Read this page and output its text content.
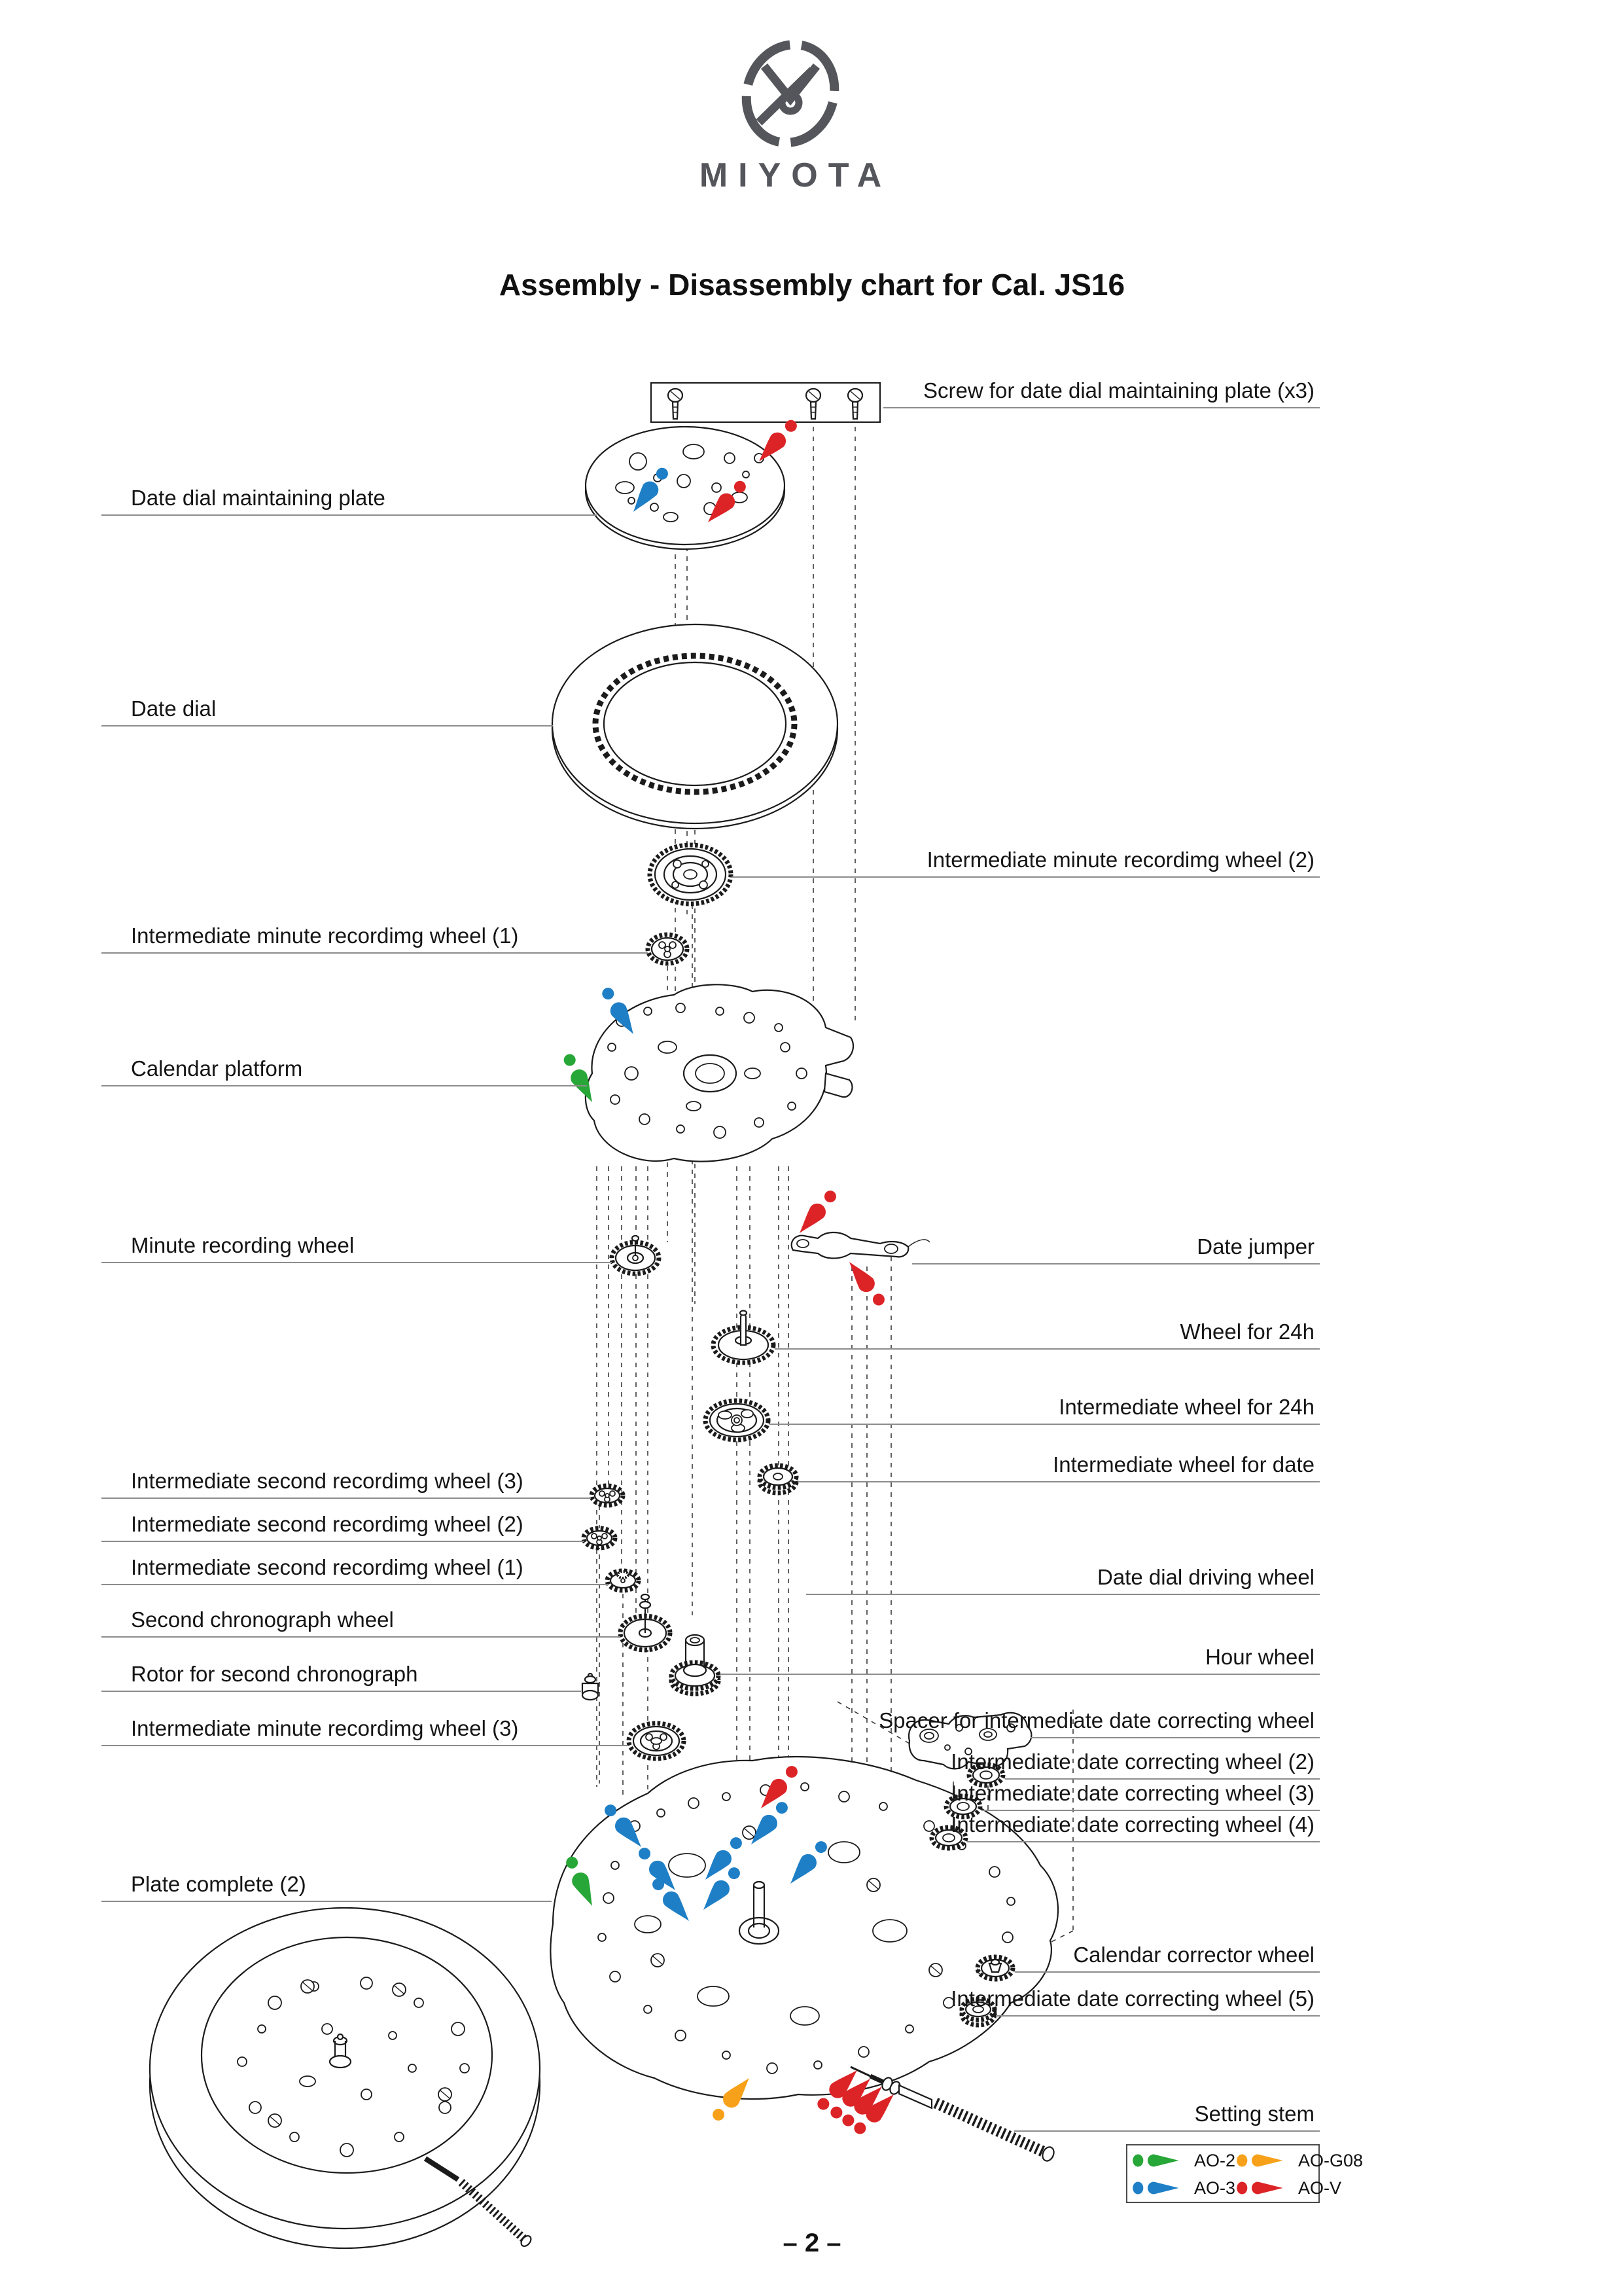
MIYOTA
Assembly - Disassembly chart for Cal. JS16
Date dial maintaining plate
Date dial
Intermediate minute recordimg wheel (1)
Calendar platform
Minute recording wheel
Intermediate second recordimg wheel (3)
Intermediate second recordimg wheel (2)
Intermediate second recordimg wheel (1)
Second chronograph wheel
Rotor for second chronograph
Intermediate minute recordimg wheel (3)
Plate complete (2)
Screw for date dial maintaining plate (x3)
Intermediate minute recordimg wheel (2)
Date jumper
Wheel for 24h
Intermediate wheel for 24h
Intermediate wheel for date
Date dial driving wheel
Hour wheel
Spacer for intermediate date correcting wheel
Intermediate date correcting wheel (2)
Intermediate date correcting wheel (3)
Intermediate date correcting wheel (4)
Calendar corrector wheel
Intermediate date correcting wheel (5)
Setting stem
AO-2	AO-G08
AO-3	AO-V
– 2 –
